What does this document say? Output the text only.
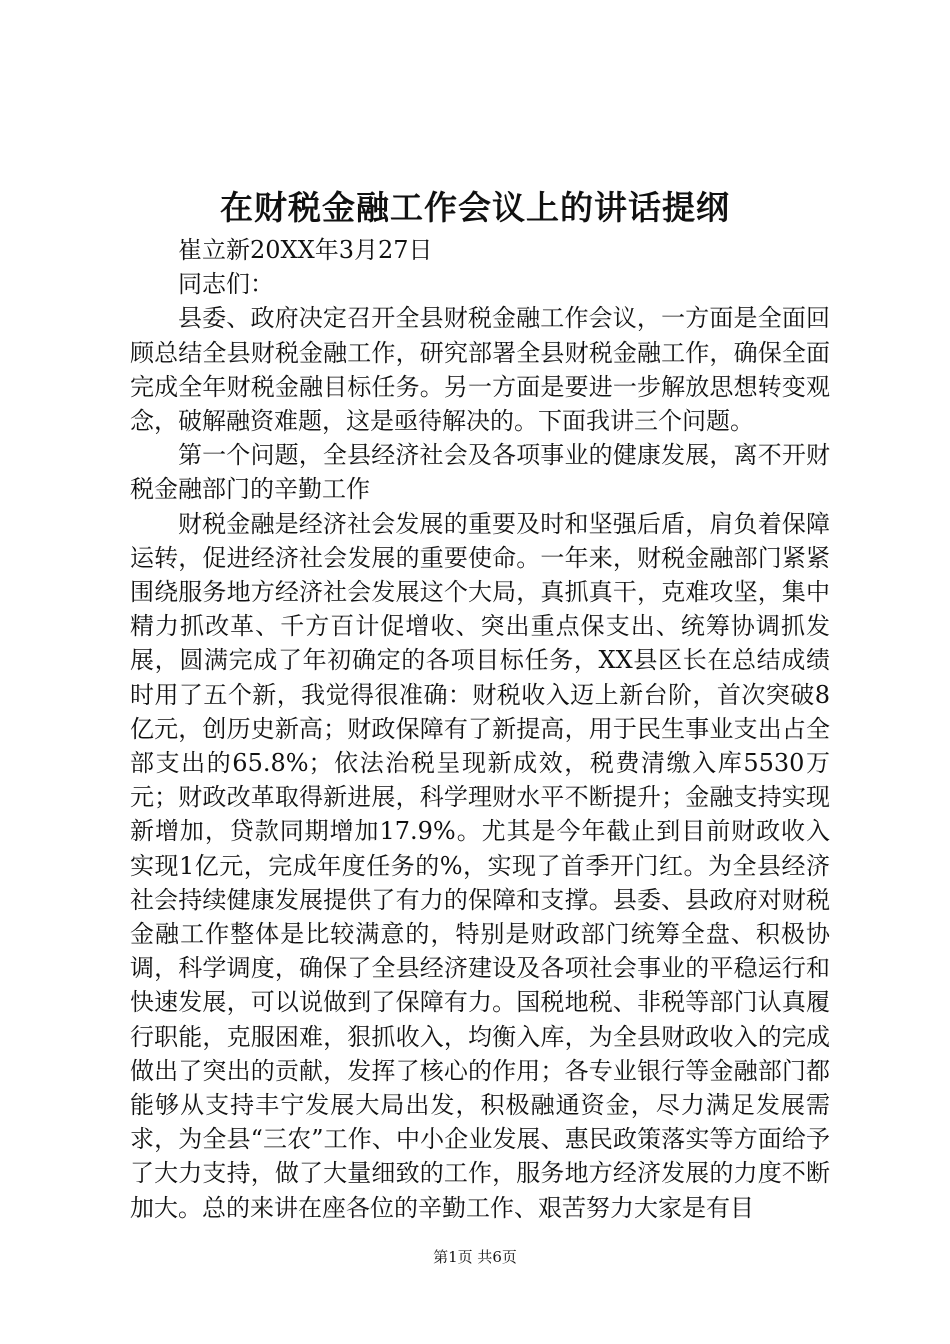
在财税金融工作会议上的讲话提纲

崔立新20XX年3月27日

同志们：

县委、政府决定召开全县财税金融工作会议，一方面是全面回顾总结全县财税金融工作，研究部署全县财税金融工作，确保全面完成全年财税金融目标任务。另一方面是要进一步解放思想转变观念，破解融资难题，这是亟待解决的。下面我讲三个问题。

第一个问题，全县经济社会及各项事业的健康发展，离不开财税金融部门的辛勤工作

财税金融是经济社会发展的重要及时和坚强后盾，肩负着保障运转，促进经济社会发展的重要使命。一年来，财税金融部门紧紧围绕服务地方经济社会发展这个大局，真抓真干，克难攻坚，集中精力抓改革、千方百计促增收、突出重点保支出、统筹协调抓发展，圆满完成了年初确定的各项目标任务，XX县区长在总结成绩时用了五个新，我觉得很准确：财税收入迈上新台阶，首次突破8亿元，创历史新高；财政保障有了新提高，用于民生事业支出占全部支出的65.8%；依法治税呈现新成效，税费清缴入库5530万元；财政改革取得新进展，科学理财水平不断提升；金融支持实现新增加，贷款同期增加17.9%。尤其是今年截止到目前财政收入实现1亿元，完成年度任务的%，实现了首季开门红。为全县经济社会持续健康发展提供了有力的保障和支撑。县委、县政府对财税金融工作整体是比较满意的，特别是财政部门统筹全盘、积极协调，科学调度，确保了全县经济建设及各项社会事业的平稳运行和快速发展，可以说做到了保障有力。国税地税、非税等部门认真履行职能，克服困难，狠抓收入，均衡入库，为全县财政收入的完成做出了突出的贡献，发挥了核心的作用；各专业银行等金融部门都能够从支持丰宁发展大局出发，积极融通资金，尽力满足发展需求，为全县“三农”工作、中小企业发展、惠民政策落实等方面给予了大力支持，做了大量细致的工作，服务地方经济发展的力度不断加大。总的来讲在座各位的辛勤工作、艰苦努力大家是有目

第1页 共6页
